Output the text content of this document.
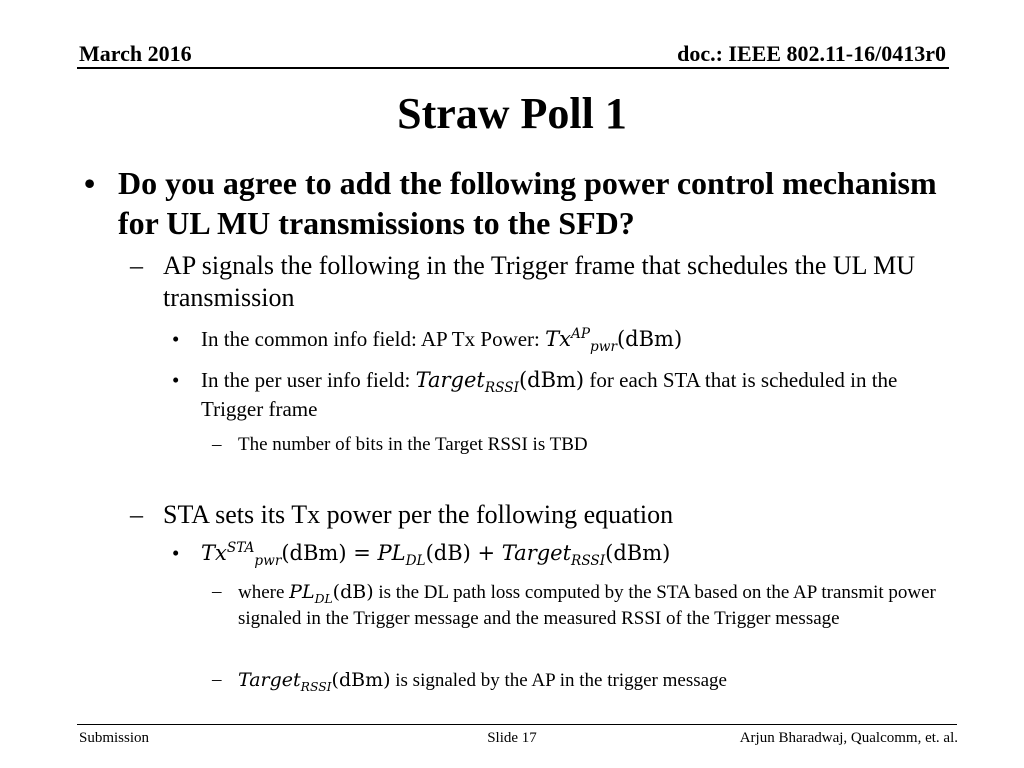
March 2016	doc.: IEEE 802.11-16/0413r0
Straw Poll 1
• Do you agree to add the following power control mechanism for UL MU transmissions to the SFD?
– AP signals the following in the Trigger frame that schedules the UL MU transmission
• In the common info field: AP Tx Power: $Tx^{AP}_{pwr}(dBm)$
• In the per user info field: Target$_{RSSI}$(dBm) for each STA that is scheduled in the Trigger frame
– The number of bits in the Target RSSI is TBD
– STA sets its Tx power per the following equation
• $Tx^{STA}_{pwr}(dBm) = PL_{DL}(dB)$ + Target$_{RSSI}$(dBm)
– where $PL_{DL}(dB)$ is the DL path loss computed by the STA based on the AP transmit power signaled in the Trigger message and the measured RSSI of the Trigger message
– Target$_{RSSI}$(dBm) is signaled by the AP in the trigger message
Submission	Slide 17	Arjun Bharadwaj, Qualcomm, et. al.
